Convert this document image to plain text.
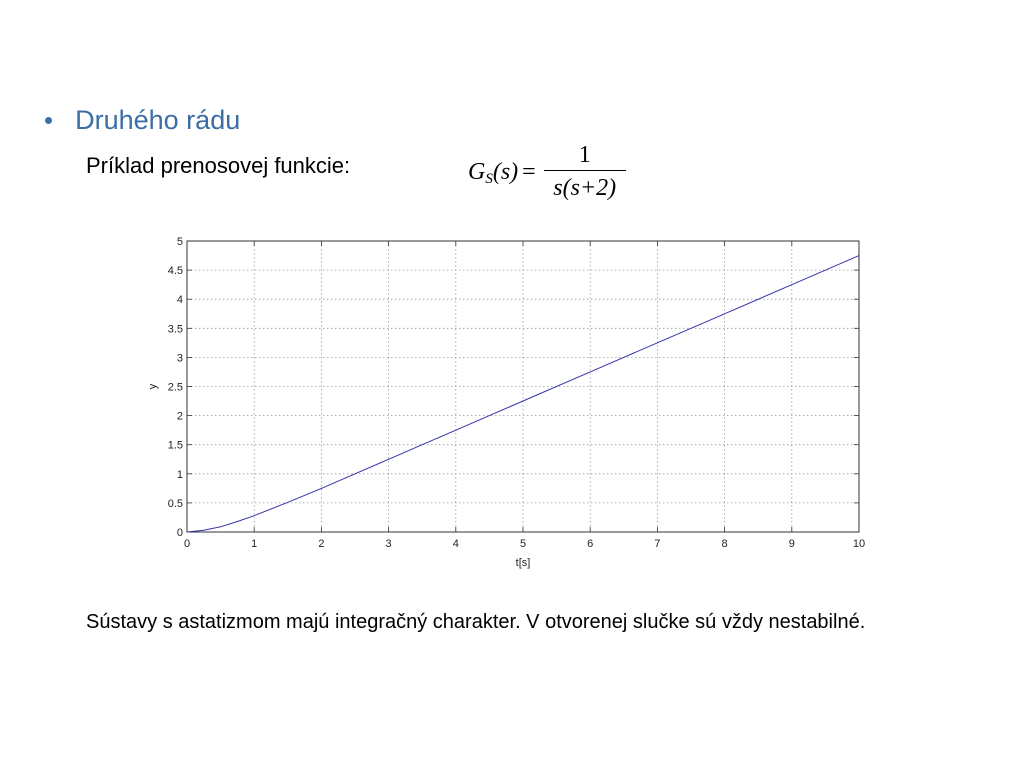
• Druhého rádu
Príklad prenosovej funkcie:	G S $(s) = \frac{1}{s(s+2)}$
0	1	2	3	4	5	6	7	8	9	10
0
0.5
1
1.5
2
2.5
3
3.5
4
4.5
5
t[s]
y
Sústavy s astatizmom majú integračný charakter. V otvorenej slučke sú vždy nestabilné.
